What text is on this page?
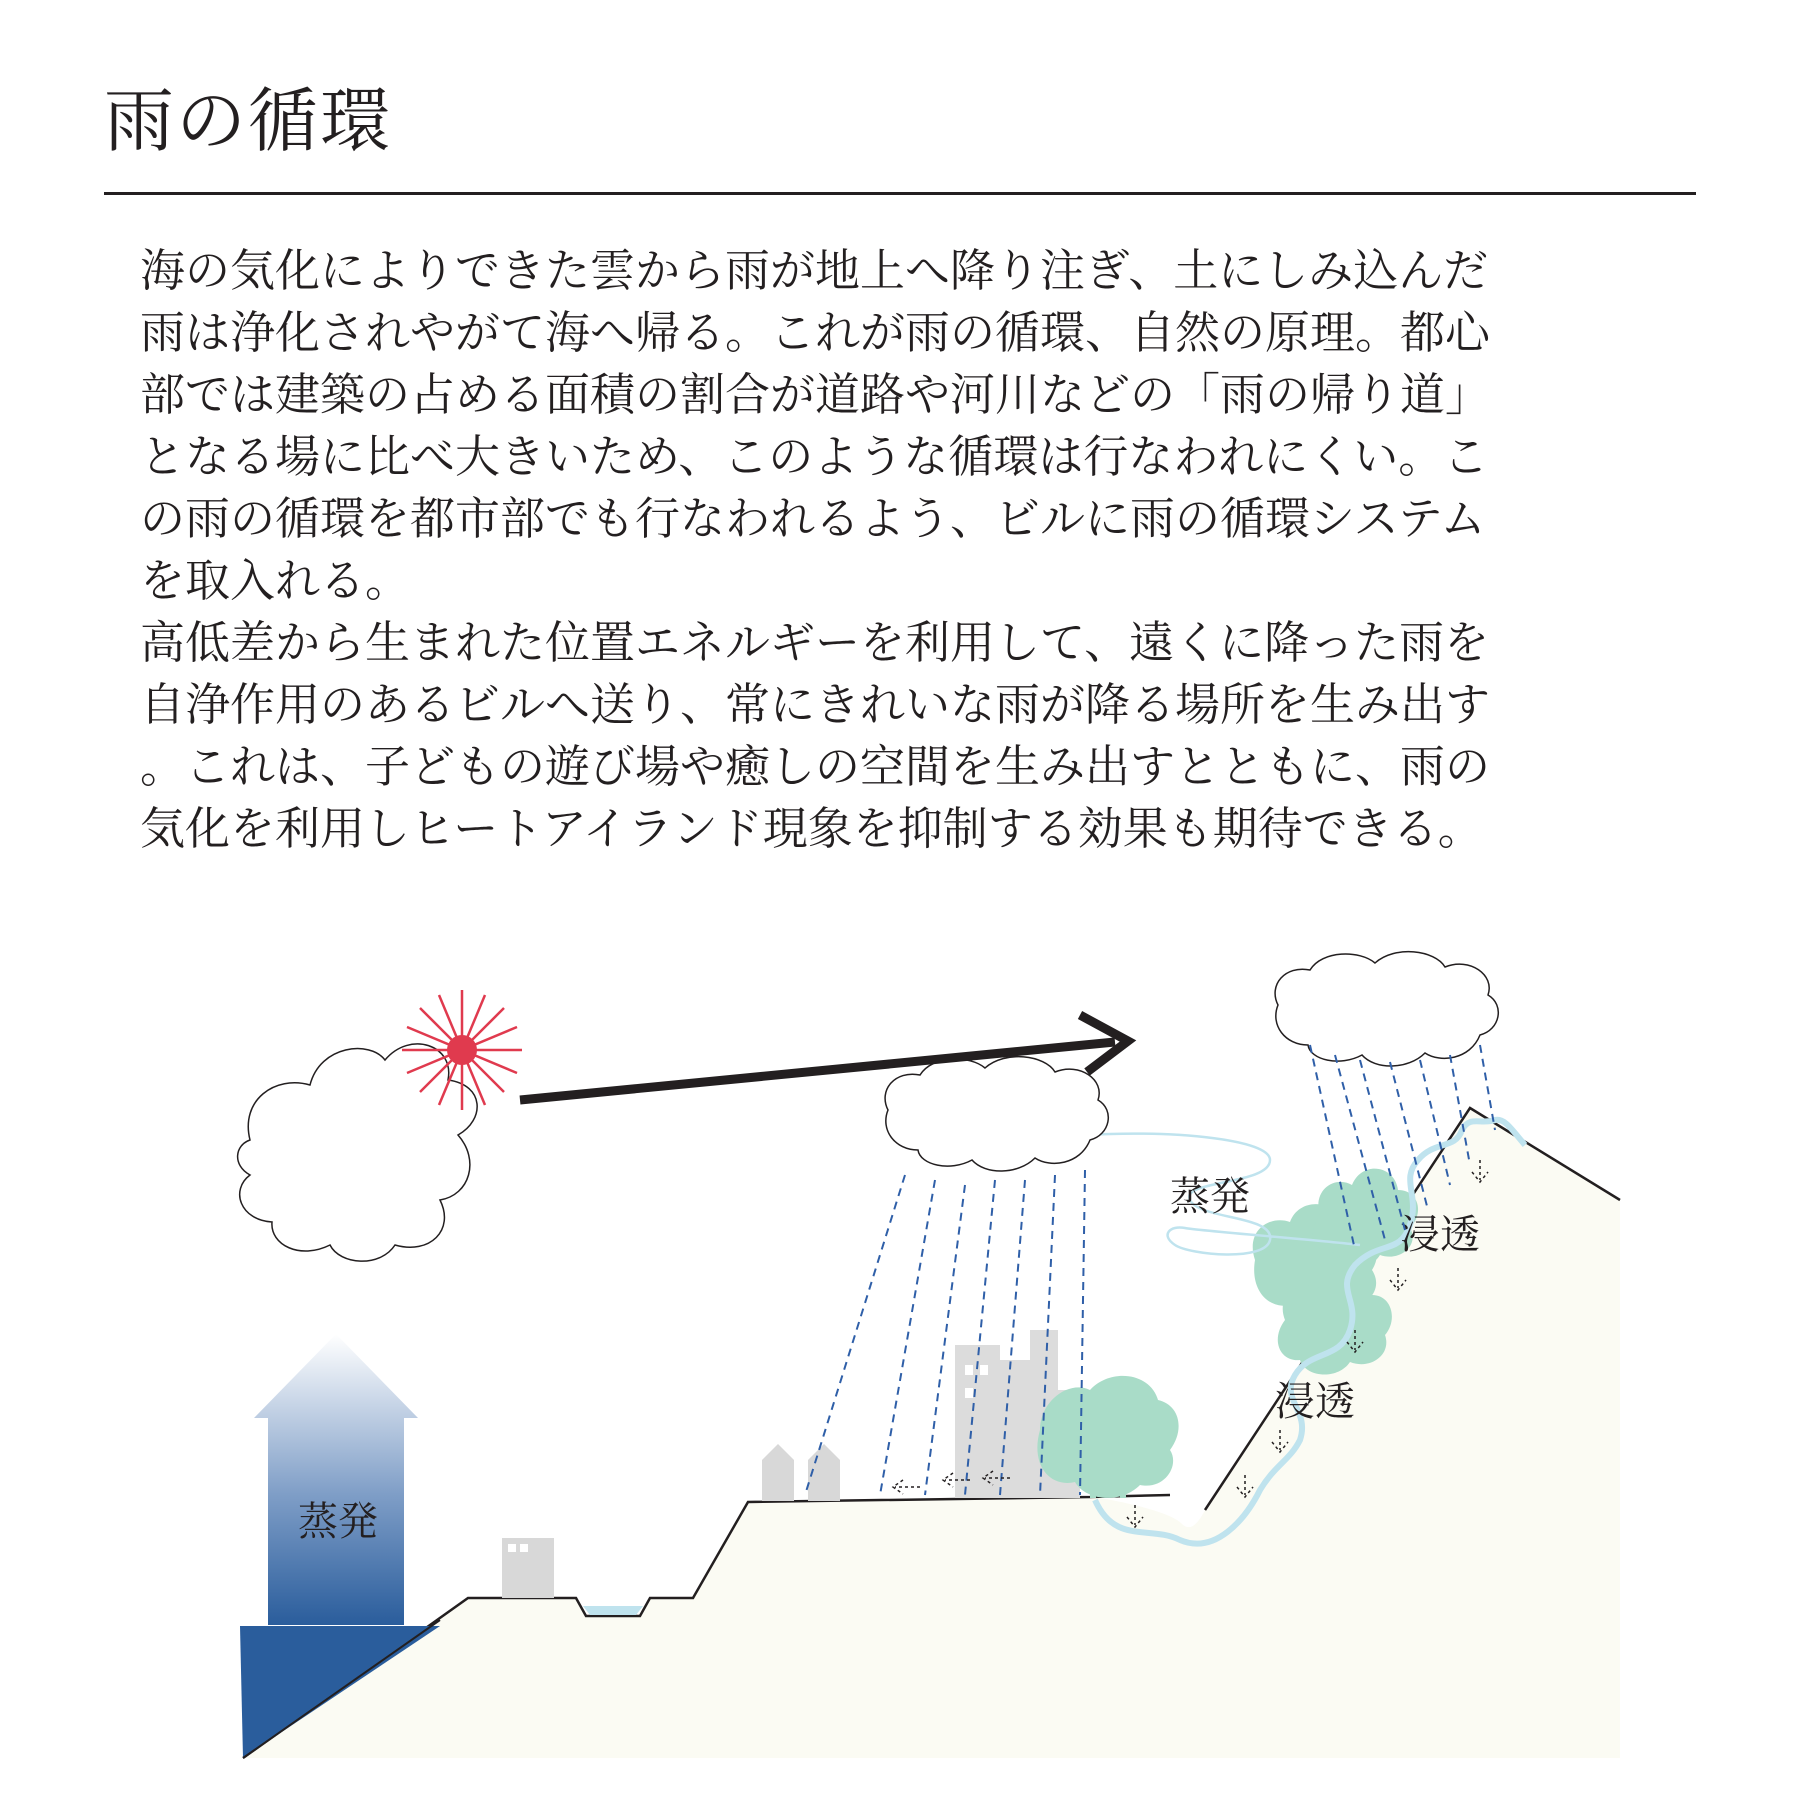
雨の循環

海の気化によりできた雲から雨が地上へ降り注ぎ、土にしみ込んだ
雨は浄化されやがて海へ帰る。これが雨の循環、自然の原理。都心
部では建築の占める面積の割合が道路や河川などの「雨の帰り道」
となる場に比べ大きいため、このような循環は行なわれにくい。こ
の雨の循環を都市部でも行なわれるよう、ビルに雨の循環システム
を取入れる。

高低差から生まれた位置エネルギーを利用して、遠くに降った雨を
自浄作用のあるビルへ送り、常にきれいな雨が降る場所を生み出す
。これは、子どもの遊び場や癒しの空間を生み出すとともに、雨の
気化を利用しヒートアイランド現象を抑制する効果も期待できる。

蒸発
浸透
浸透
蒸発
